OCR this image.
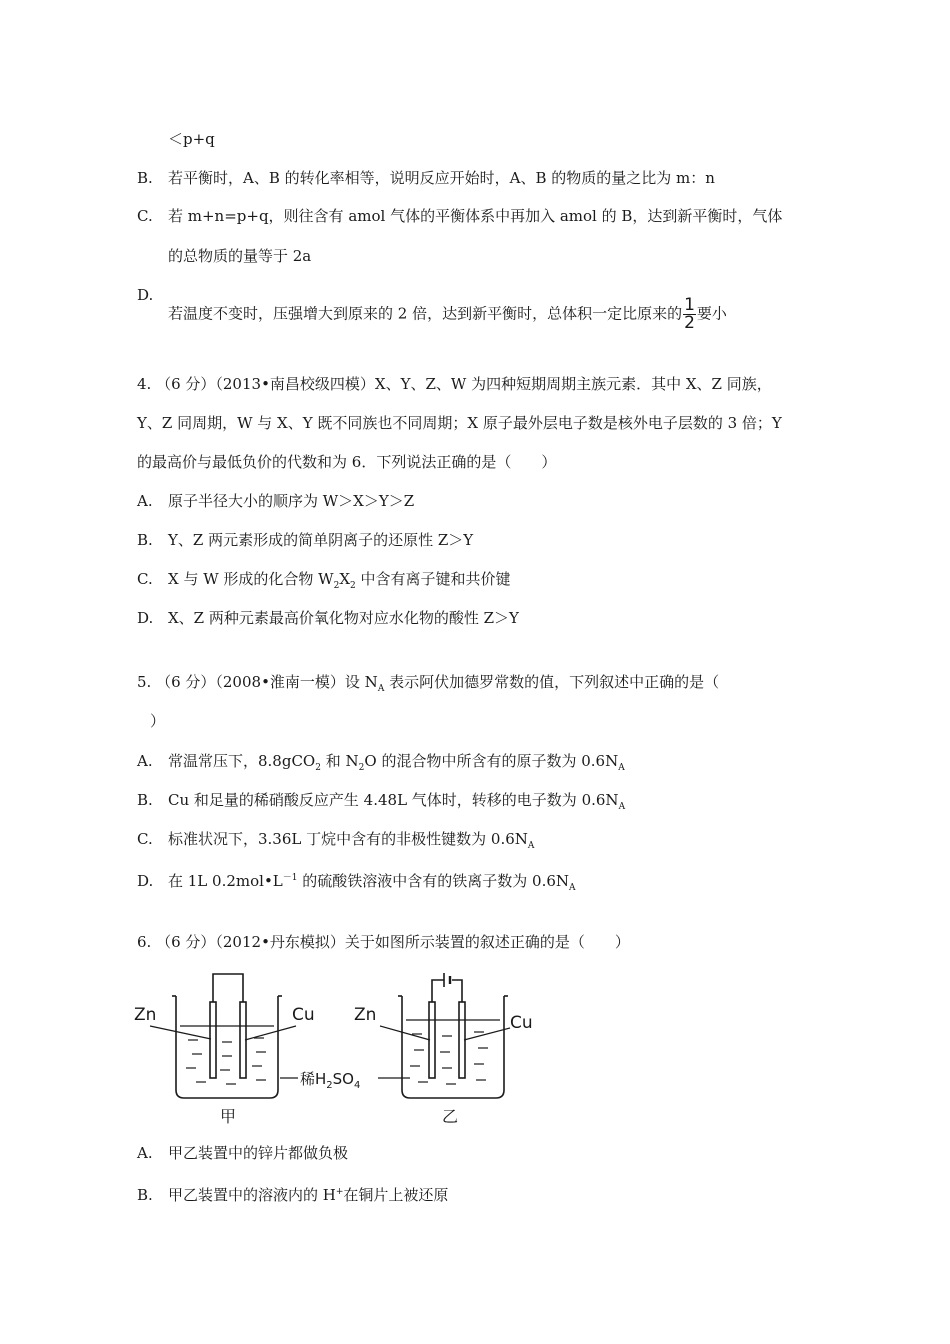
＜p+q
B. 若平衡时，A、B 的转化率相等，说明反应开始时，A、B 的物质的量之比为 m：n
C. 若 m+n=p+q，则往含有 amol 气体的平衡体系中再加入 amol 的 B，达到新平衡时，气体
的总物质的量等于 2a
D.
若温度不变时，压强增大到原来的 2 倍，达到新平衡时，总体积一定比原来的 $\frac{1}{2}$ 要小
4. （6 分）（2013•南昌校级四模）X、Y、Z、W 为四种短期周期主族元素．其中 X、Z 同族，
Y、Z 同周期，W 与 X、Y 既不同族也不同周期；X 原子最外层电子数是核外电子层数的 3 倍；Y
的最高价与最低负价的代数和为 6．下列说法正确的是（　　）
A. 原子半径大小的顺序为 W＞X＞Y＞Z
B. Y、Z 两元素形成的简单阴离子的还原性 Z＞Y
C. X 与 W 形成的化合物 $W_2X_2$ 中含有离子键和共价键
D. X、Z 两种元素最高价氧化物对应水化物的酸性 Z＞Y
5. （6 分）（2008•淮南一模）设 $N_A$ 表示阿伏加德罗常数的值，下列叙述中正确的是（
）
A. 常温常压下，8.8gCO$_2$ 和 $N_2O$ 的混合物中所含有的原子数为 $0.6N_A$
B. Cu 和足量的稀硝酸反应产生 4.48L 气体时，转移的电子数为 $0.6N_A$
C. 标准状况下，3.36L 丁烷中含有的非极性键数为 $0.6N_A$
D. 在 1L $0.2mol•L^{-1}$ 的硫酸铁溶液中含有的铁离子数为 $0.6N_A$
6. （6 分）（2012•丹东模拟）关于如图所示装置的叙述正确的是（　　）
Zn	Cu Zn	Cu
稀$H_2SO_4$
甲	乙
A. 甲乙装置中的锌片都做负极
B. 甲乙装置中的溶液内的 H+在铜片上被还原
